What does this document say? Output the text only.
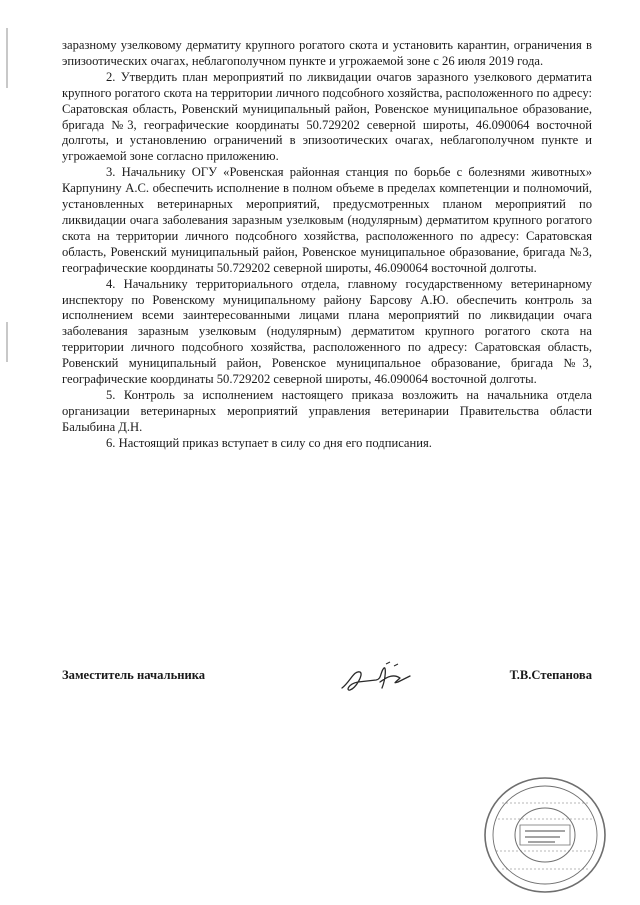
заразному узелковому дерматиту крупного рогатого скота и установить карантин, ограничения в эпизоотических очагах, неблагополучном пункте и угрожаемой зоне с 26 июля 2019 года.

2. Утвердить план мероприятий по ликвидации очагов заразного узелкового дерматита крупного рогатого скота на территории личного подсобного хозяйства, расположенного по адресу: Саратовская область, Ровенский муниципальный район, Ровенское муниципальное образование, бригада №3, географические координаты 50.729202 северной широты, 46.090064 восточной долготы, и установлению ограничений в эпизоотических очагах, неблагополучном пункте и угрожаемой зоне согласно приложению.

3. Начальнику ОГУ «Ровенская районная станция по борьбе с болезнями животных» Карпунину А.С. обеспечить исполнение в полном объеме в пределах компетенции и полномочий, установленных ветеринарных мероприятий, предусмотренных планом мероприятий по ликвидации очага заболевания заразным узелковым (нодулярным) дерматитом крупного рогатого скота на территории личного подсобного хозяйства, расположенного по адресу: Саратовская область, Ровенский муниципальный район, Ровенское муниципальное образование, бригада №3, географические координаты 50.729202 северной широты, 46.090064 восточной долготы.

4. Начальнику территориального отдела, главному государственному ветеринарному инспектору по Ровенскому муниципальному району Барсову А.Ю. обеспечить контроль за исполнением всеми заинтересованными лицами плана мероприятий по ликвидации очага заболевания заразным узелковым (нодулярным) дерматитом крупного рогатого скота на территории личного подсобного хозяйства, расположенного по адресу: Саратовская область, Ровенский муниципальный район, Ровенское муниципальное образование, бригада №3, географические координаты 50.729202 северной широты, 46.090064 восточной долготы.

5. Контроль за исполнением настоящего приказа возложить на начальника отдела организации ветеринарных мероприятий управления ветеринарии Правительства области Балыбина Д.Н.

6. Настоящий приказ вступает в силу со дня его подписания.

Заместитель начальника	Т.В.Степанова
